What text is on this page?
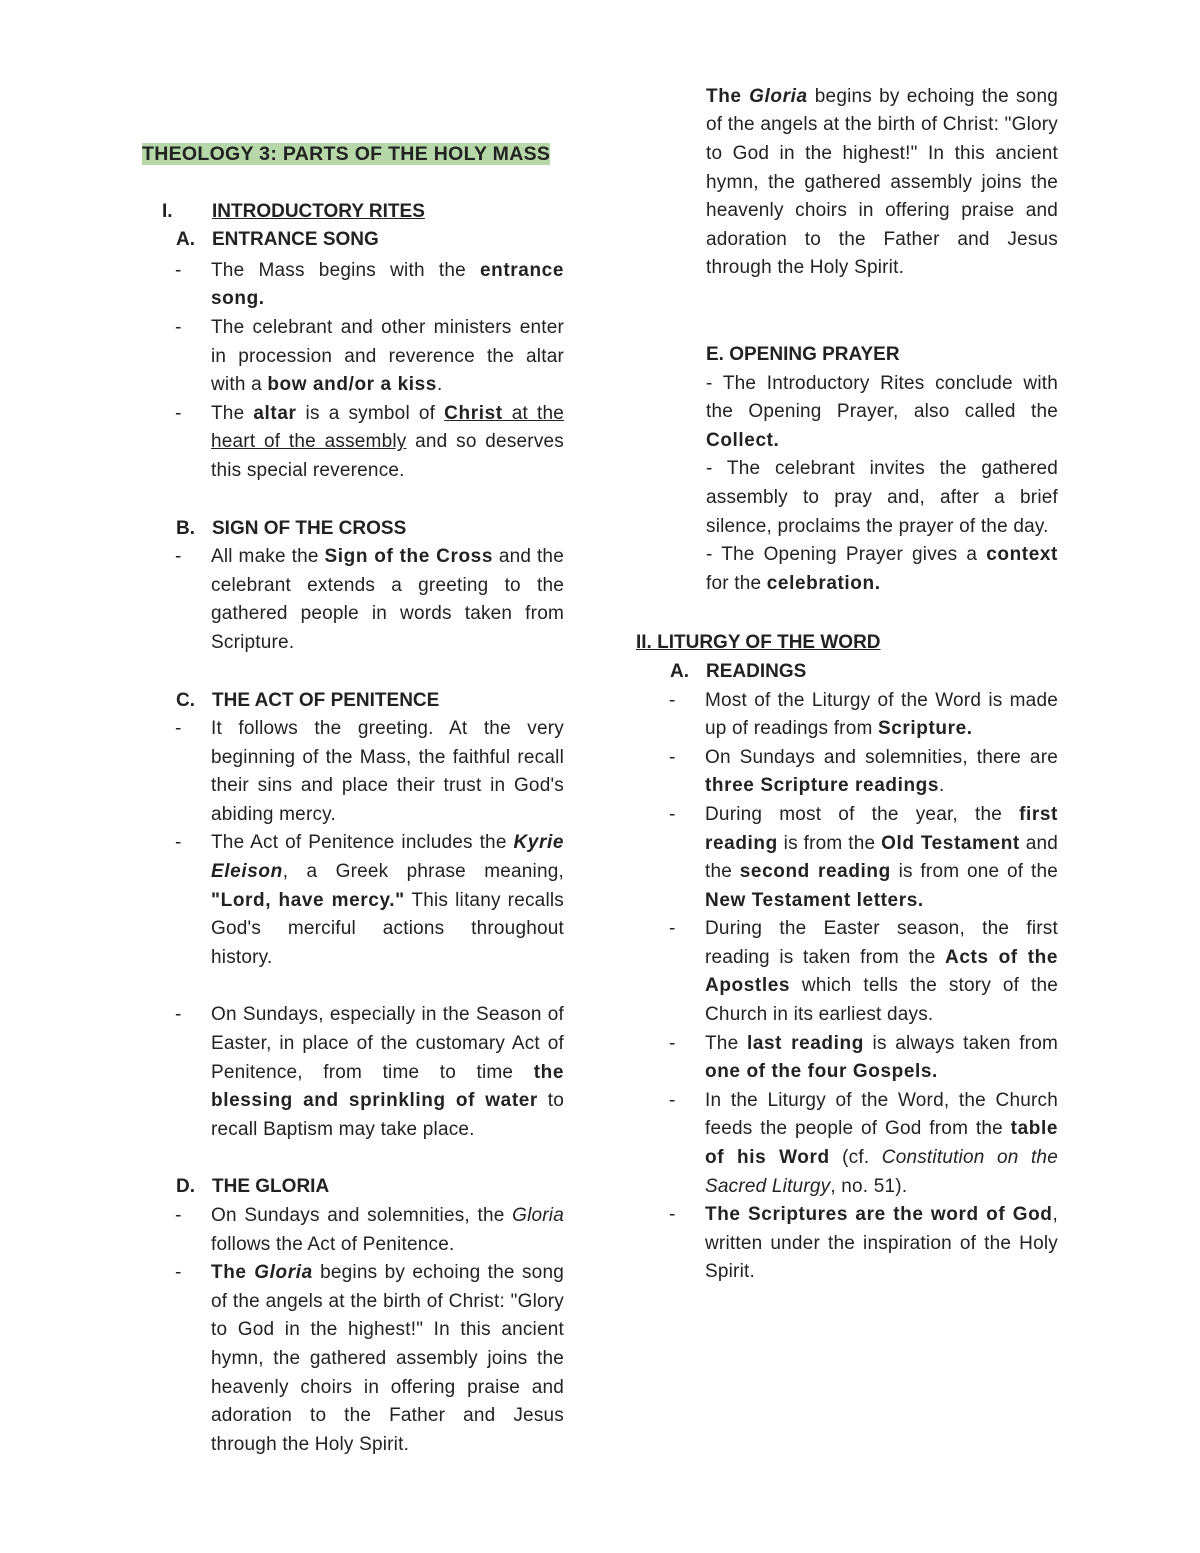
THEOLOGY 3: PARTS OF THE HOLY MASS

I.	INTRODUCTORY RITES
A. ENTRANCE SONG
-	The Mass begins with the entrance song.
-	The celebrant and other ministers enter in procession and reverence the altar with a bow and/or a kiss.
-	The altar is a symbol of Christ at the heart of the assembly and so deserves this special reverence.
B. SIGN OF THE CROSS
-	All make the Sign of the Cross and the celebrant extends a greeting to the gathered people in words taken from Scripture.
C. THE ACT OF PENITENCE
-	It follows the greeting. At the very beginning of the Mass, the faithful recall their sins and place their trust in God's abiding mercy.
-	The Act of Penitence includes the Kyrie Eleison, a Greek phrase meaning, "Lord, have mercy." This litany recalls God's merciful actions throughout history.
-	On Sundays, especially in the Season of Easter, in place of the customary Act of Penitence, from time to time the blessing and sprinkling of water to recall Baptism may take place.
D. THE GLORIA
-	On Sundays and solemnities, the Gloria follows the Act of Penitence.
-	The Gloria begins by echoing the song of the angels at the birth of Christ: "Glory to God in the highest!" In this ancient hymn, the gathered assembly joins the heavenly choirs in offering praise and adoration to the Father and Jesus through the Holy Spirit.
The Gloria begins by echoing the song of the angels at the birth of Christ: "Glory to God in the highest!" In this ancient hymn, the gathered assembly joins the heavenly choirs in offering praise and adoration to the Father and Jesus through the Holy Spirit.

E. OPENING PRAYER

- The Introductory Rites conclude with the Opening Prayer, also called the Collect.

- The celebrant invites the gathered assembly to pray and, after a brief silence, proclaims the prayer of the day.

- The Opening Prayer gives a context for the celebration.

II. LITURGY OF THE WORD

A. READINGS
-	Most of the Liturgy of the Word is made up of readings from Scripture.
-	On Sundays and solemnities, there are three Scripture readings.
-	During most of the year, the first reading is from the Old Testament and the second reading is from one of the New Testament letters.
-	During the Easter season, the first reading is taken from the Acts of the Apostles which tells the story of the Church in its earliest days.
-	The last reading is always taken from one of the four Gospels.
-	In the Liturgy of the Word, the Church feeds the people of God from the table of his Word (cf. Constitution on the Sacred Liturgy, no. 51).
-	The Scriptures are the word of God, written under the inspiration of the Holy Spirit.
